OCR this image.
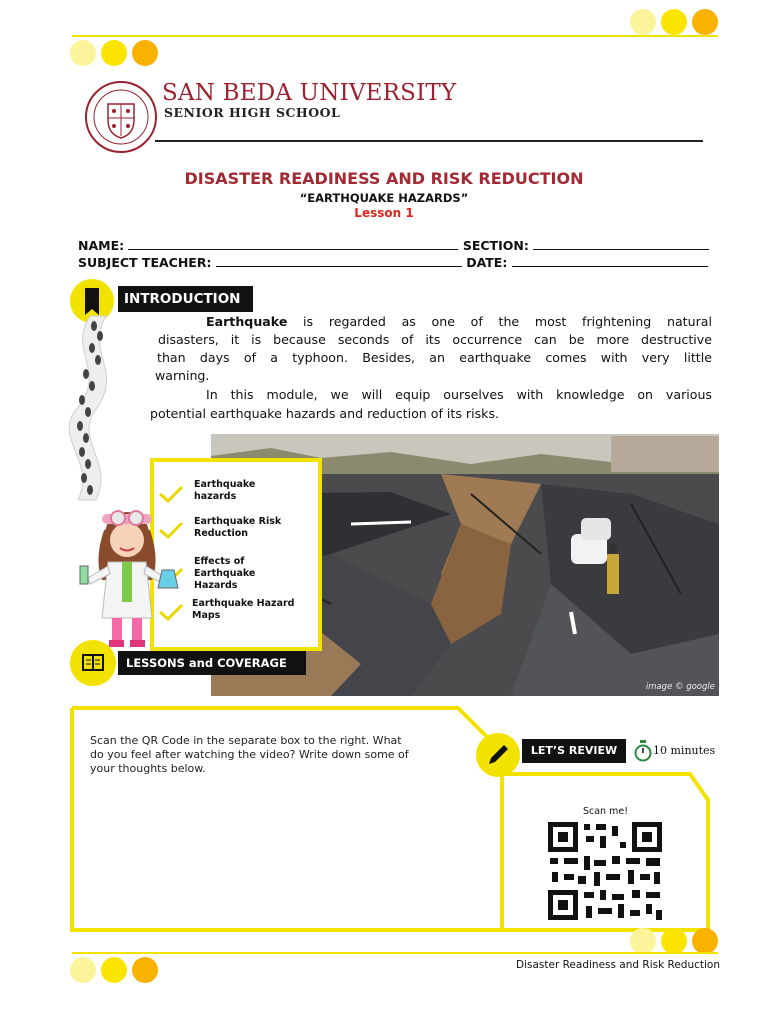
SAN BEDA UNIVERSITY
SENIOR HIGH SCHOOL
DISASTER READINESS AND RISK REDUCTION
“EARTHQUAKE HAZARDS”
Lesson 1
NAME:	SECTION:
SUBJECT TEACHER:	DATE:
INTRODUCTION
Earthquake is regarded as one of the most frightening natural
disasters, it is because seconds of its occurrence can be more destructive
than days of a typhoon. Besides, an earthquake comes with very little
warning.
In this module, we will equip ourselves with knowledge on various
potential earthquake hazards and reduction of its risks.
image © google
Earthquake
hazards
Earthquake Risk
Reduction
Effects of
Earthquake
Hazards
Earthquake Hazard
Maps
LESSONS and COVERAGE
Scan the QR Code in the separate box to the right. What
do you feel after watching the video? Write down some of
your thoughts below.
LET’S REVIEW	10 minutes
Scan me!
Disaster Readiness and Risk Reduction
